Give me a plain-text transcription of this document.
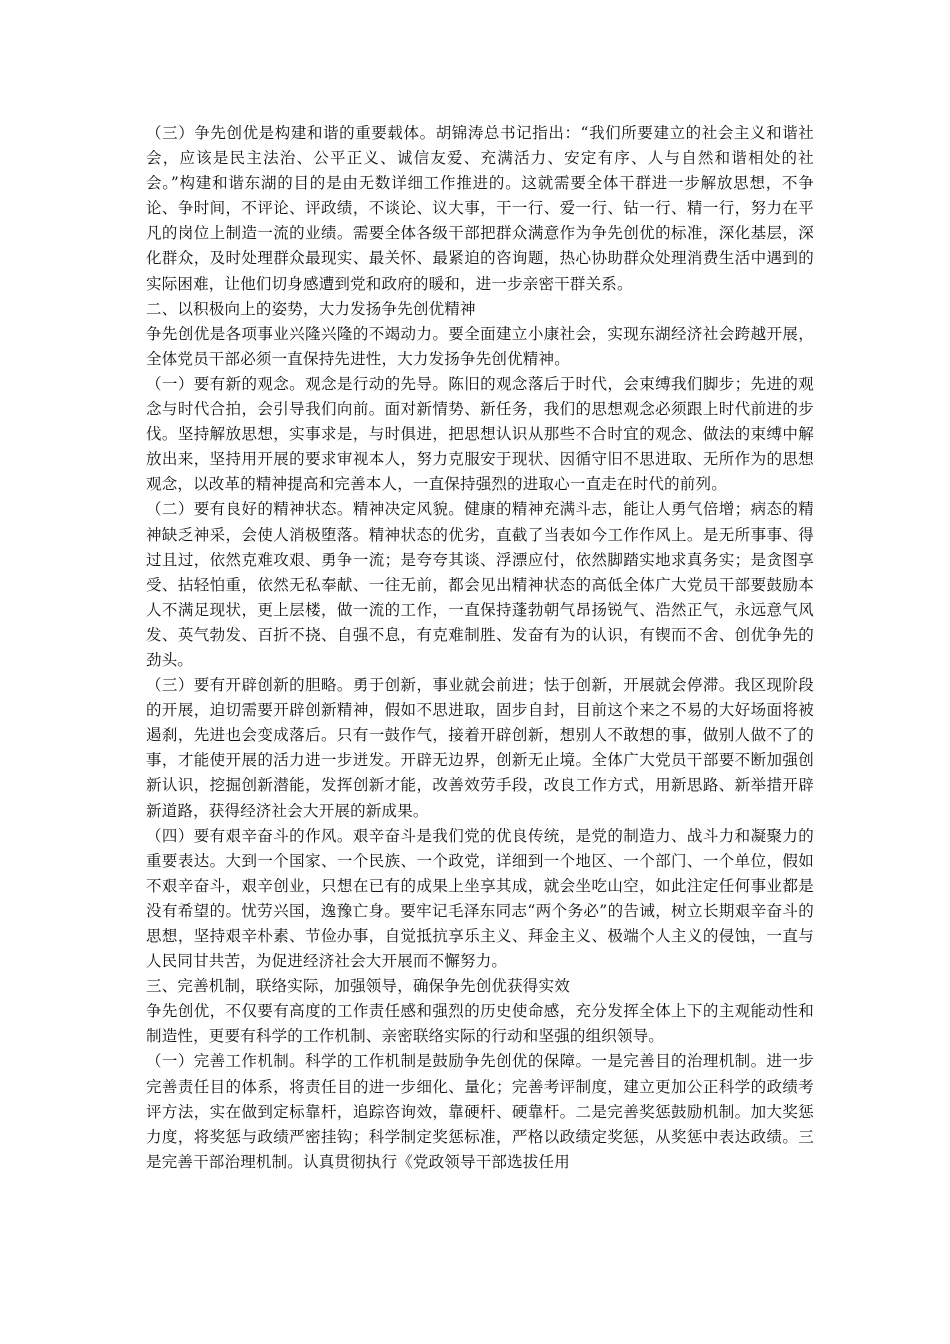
（三）争先创优是构建和谐的重要载体。胡锦涛总书记指出：“我们所要建立的社会主义和谐社会，应该是民主法治、公平正义、诚信友爱、充满活力、安定有序、人与自然和谐相处的社会。”构建和谐东湖的目的是由无数详细工作推进的。这就需要全体干群进一步解放思想，不争论、争时间，不评论、评政绩，不谈论、议大事，干一行、爱一行、钻一行、精一行，努力在平凡的岗位上制造一流的业绩。需要全体各级干部把群众满意作为争先创优的标准，深化基层，深化群众，及时处理群众最现实、最关怀、最紧迫的咨询题，热心协助群众处理消费生活中遇到的实际困难，让他们切身感遭到党和政府的暖和，进一步亲密干群关系。

二、以积极向上的姿势，大力发扬争先创优精神

争先创优是各项事业兴隆兴隆的不竭动力。要全面建立小康社会，实现东湖经济社会跨越开展，全体党员干部必须一直保持先进性，大力发扬争先创优精神。

（一）要有新的观念。观念是行动的先导。陈旧的观念落后于时代，会束缚我们脚步；先进的观念与时代合拍，会引导我们向前。面对新情势、新任务，我们的思想观念必须跟上时代前进的步伐。坚持解放思想，实事求是，与时俱进，把思想认识从那些不合时宜的观念、做法的束缚中解放出来，坚持用开展的要求审视本人，努力克服安于现状、因循守旧不思进取、无所作为的思想观念，以改革的精神提高和完善本人，一直保持强烈的进取心一直走在时代的前列。

（二）要有良好的精神状态。精神决定风貌。健康的精神充满斗志，能让人勇气倍增；病态的精神缺乏神采，会使人消极堕落。精神状态的优劣，直截了当表如今工作作风上。是无所事事、得过且过，依然克难攻艰、勇争一流；是夸夸其谈、浮漂应付，依然脚踏实地求真务实；是贪图享受、拈轻怕重，依然无私奉献、一往无前，都会见出精神状态的高低全体广大党员干部要鼓励本人不满足现状，更上层楼，做一流的工作，一直保持蓬勃朝气昂扬锐气、浩然正气，永远意气风发、英气勃发、百折不挠、自强不息，有克难制胜、发奋有为的认识，有锲而不舍、创优争先的劲头。

（三）要有开辟创新的胆略。勇于创新，事业就会前进；怯于创新，开展就会停滞。我区现阶段的开展，迫切需要开辟创新精神，假如不思进取，固步自封，目前这个来之不易的大好场面将被遏刹，先进也会变成落后。只有一鼓作气，接着开辟创新，想别人不敢想的事，做别人做不了的事，才能使开展的活力进一步迸发。开辟无边界，创新无止境。全体广大党员干部要不断加强创新认识，挖掘创新潜能，发挥创新才能，改善效劳手段，改良工作方式，用新思路、新举措开辟新道路，获得经济社会大开展的新成果。

（四）要有艰辛奋斗的作风。艰辛奋斗是我们党的优良传统，是党的制造力、战斗力和凝聚力的重要表达。大到一个国家、一个民族、一个政党，详细到一个地区、一个部门、一个单位，假如不艰辛奋斗，艰辛创业，只想在已有的成果上坐享其成，就会坐吃山空，如此注定任何事业都是没有希望的。忧劳兴国，逸豫亡身。要牢记毛泽东同志“两个务必”的告诫，树立长期艰辛奋斗的思想，坚持艰辛朴素、节俭办事，自觉抵抗享乐主义、拜金主义、极端个人主义的侵蚀，一直与人民同甘共苦，为促进经济社会大开展而不懈努力。

三、完善机制，联络实际，加强领导，确保争先创优获得实效

争先创优，不仅要有高度的工作责任感和强烈的历史使命感，充分发挥全体上下的主观能动性和制造性，更要有科学的工作机制、亲密联络实际的行动和坚强的组织领导。

（一）完善工作机制。科学的工作机制是鼓励争先创优的保障。一是完善目的治理机制。进一步完善责任目的体系，将责任目的进一步细化、量化；完善考评制度，建立更加公正科学的政绩考评方法，实在做到定标靠杆，追踪咨询效，靠硬杆、硬靠杆。二是完善奖惩鼓励机制。加大奖惩力度，将奖惩与政绩严密挂钩；科学制定奖惩标准，严格以政绩定奖惩，从奖惩中表达政绩。三是完善干部治理机制。认真贯彻执行《党政领导干部选拔任用
